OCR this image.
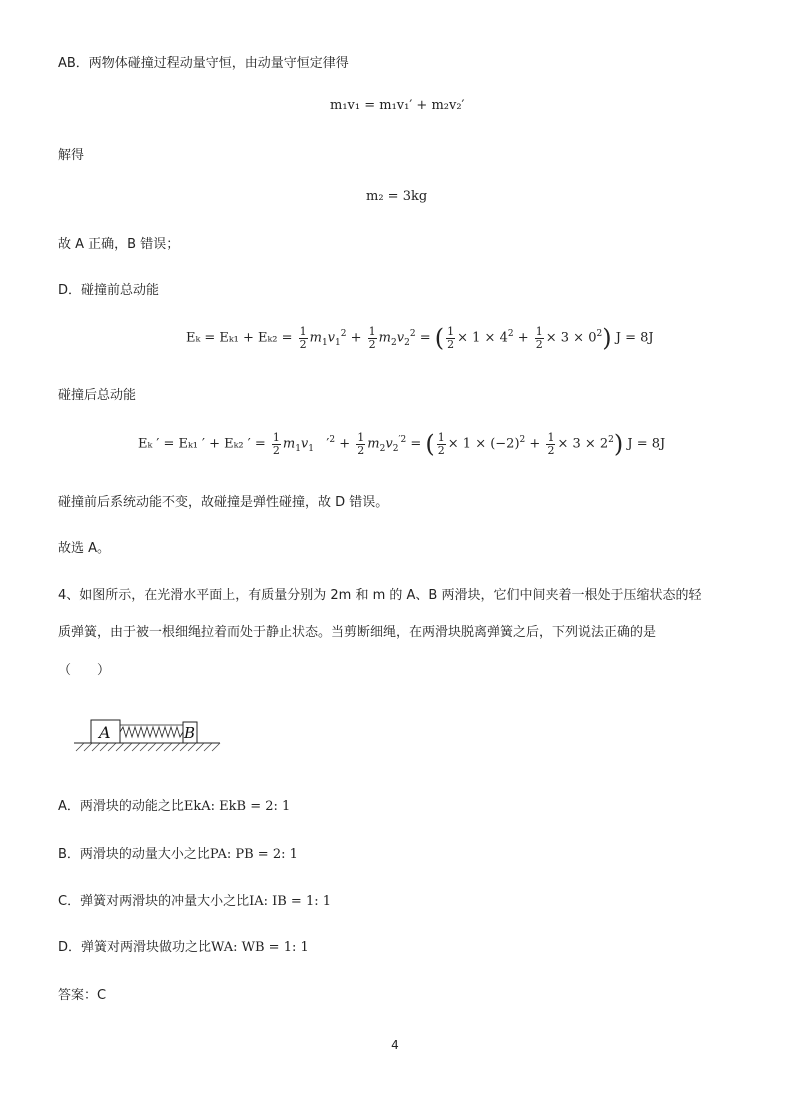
AB．两物体碰撞过程动量守恒，由动量守恒定律得
m₁v₁ = m₁v₁′ + m₂v₂′
解得
m₂ = 3kg
故 A 正确，B 错误；
D．碰撞前总动能
$E_k = E_{k1} + E_{k2} = \frac{1}{2} m_1v_1^2 + \frac{1}{2} m_2v_2^2$ = ( $\frac{1}{2} \times 1 \times 4^2 + \frac{1}{2} \times 3 \times 0^2$) J = 8J
碰撞后总动能
Eₖ ′ = Eₖ₁ ′ + Eₖ₂ ′ = $\frac{1}{2} m_1v_1$   $'^2 + \frac{1}{2} m_2v_2^{'2}$ = ( $\frac{1}{2} \times 1 \times (-2)^2 + \frac{1}{2} \times 3 \times 2^2$) J = 8J
碰撞前后系统动能不变，故碰撞是弹性碰撞，故 D 错误。
故选 A。
4、如图所示，在光滑水平面上，有质量分别为 2m 和 m 的 A、B 两滑块，它们中间夹着一根处于压缩状态的轻
质弹簧，由于被一根细绳拉着而处于静止状态。当剪断细绳，在两滑块脱离弹簧之后，下列说法正确的是
（　　）
A	B
A．两滑块的动能之比EkA: EkB = 2: 1
B．两滑块的动量大小之比PA: PB = 2: 1
C．弹簧对两滑块的冲量大小之比IA: IB = 1: 1
D．弹簧对两滑块做功之比WA: WB = 1: 1
答案：C
4
